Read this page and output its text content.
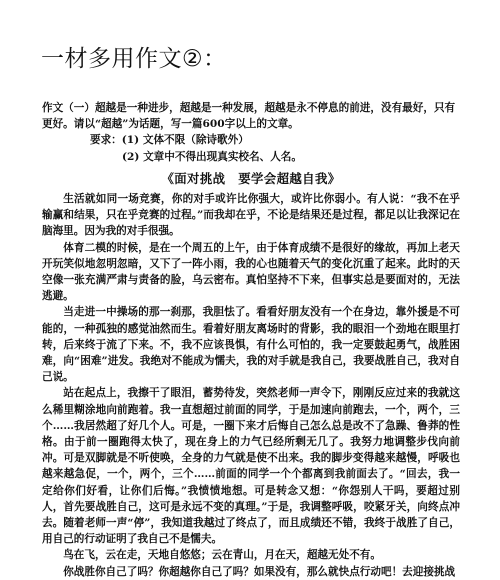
一材多用作文②：

作文（一）超越是一种进步，超越是一种发展，超越是永不停息的前进，没有最好，只有更好。请以“超越”为话题，写一篇600字以上的文章。

要求：(1) 文体不限（除诗歌外）

(2) 文章中不得出现真实校名、人名。

《面对挑战　要学会超越自我》

生活就如同一场竞赛，你的对手或许比你强大，或许比你弱小。有人说：“我不在乎输赢和结果，只在乎竞赛的过程。”而我却在乎，不论是结果还是过程，都足以让我深记在脑海里。因为我的对手很强。

体育二模的时候，是在一个周五的上午，由于体育成绩不是很好的缘故，再加上老天开玩笑似地忽明忽暗，又下了一阵小雨，我的心也随着天气的变化沉重了起来。此时的天空像一张充满严肃与责备的脸，乌云密布。真怕坚持不下来，但事实总是要面对的，无法逃避。

当走进一中操场的那一刹那，我胆怯了。看看好朋友没有一个在身边，靠外援是不可能的，一种孤独的感觉油然而生。看着好朋友离场时的背影，我的眼泪一个劲地在眼里打转，后来终于流了下来。不，我不应该畏惧，有什么可怕的，我一定要鼓起勇气，战胜困难，向“困难”进发。我绝对不能成为懦夫，我的对手就是我自己，我要战胜自己，我对自己说。

站在起点上，我擦干了眼泪，蓄势待发，突然老师一声令下，刚刚反应过来的我就这么稀里糊涂地向前跑着。我一直想超过前面的同学，于是加速向前跑去，一个，两个，三个……我居然超了好几个人。可是，一圈下来才后悔自己怎么总是改不了急躁、鲁莽的性格。由于前一圈跑得太快了，现在身上的力气已经所剩无几了。我努力地调整步伐向前冲。可是双脚就是不听使唤，全身的力气就是使不出来。我的脚步变得越来越慢，呼吸也越来越急促，一个，两个，三个……前面的同学一个个都离到我前面去了。“回去，我一定给你们好看，让你们后悔。”我愤愤地想。可是转念又想：“你怨别人干吗，要超过别人，首先要战胜自己，这可是永远不变的真理。”于是，我调整呼吸，咬紧牙关，向终点冲去。随着老师一声“停”，我知道我越过了终点了，而且成绩还不错，我终于战胜了自己，用自己的行动证明了我自己不是懦夫。

鸟在飞，云在走，天地自悠悠；云在青山，月在天，超越无处不有。

你战胜你自己了吗？你超越你自己了吗？如果没有，那么就快点行动吧！去迎接挑战
